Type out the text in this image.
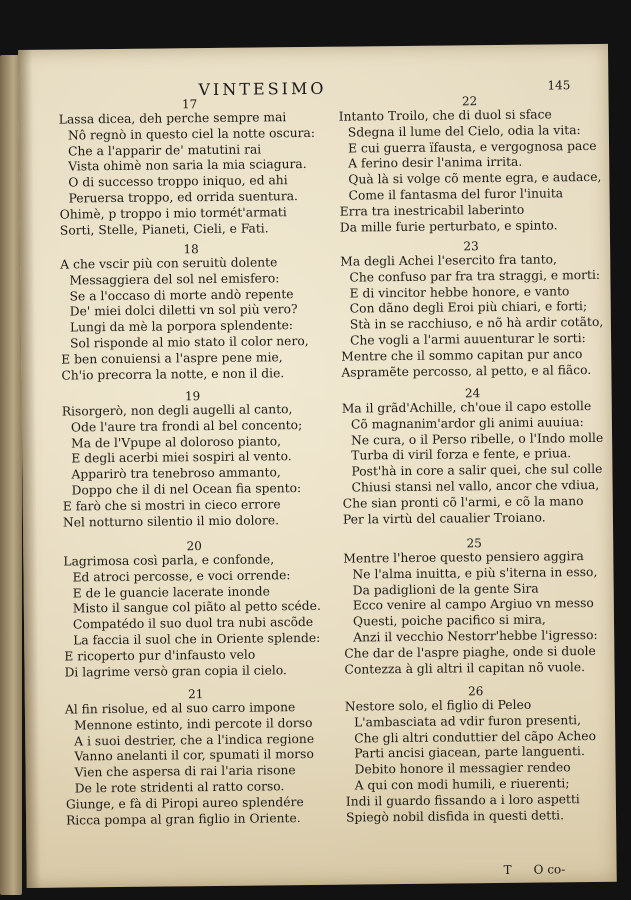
VINTESIMO	145
17
Lassa dicea, deh perche sempre mai
Nô regnò in questo ciel la notte oscura:
Che a l'apparir de' matutini rai
Vista ohimè non saria la mia sciagura.
O di successo troppo iniquo, ed ahi
Peruersa troppo, ed orrida suentura.
Ohimè, p troppo i mio tormét'armati
Sorti, Stelle, Pianeti, Cieli, e Fati.
18
A che vscir più con seruitù dolente
Messaggiera del sol nel emisfero:
Se a l'occaso di morte andò repente
De' miei dolci diletti vn sol più vero?
Lungi da mè la porpora splendente:
Sol risponde al mio stato il color nero,
E ben conuiensi a l'aspre pene mie,
Ch'io precorra la notte, e non il die.
19
Risorgerò, non degli augelli al canto,
Ode l'aure tra frondi al bel concento;
Ma de l'Vpupe al doloroso pianto,
E degli acerbi miei sospiri al vento.
Apparirò tra tenebroso ammanto,
Doppo che il di nel Ocean fia spento:
E farò che si mostri in cieco errore
Nel notturno silentio il mio dolore.
20
Lagrimosa così parla, e confonde,
Ed atroci percosse, e voci orrende:
E de le guancie lacerate inonde
Misto il sangue col piãto al petto scéde.
Compatédo il suo duol tra nubi ascõde
La faccia il suol che in Oriente splende:
E ricoperto pur d'infausto velo
Di lagrime versò gran copia il cielo.
21
Al fin risolue, ed al suo carro impone
Mennone estinto, indi percote il dorso
A i suoi destrier, che a l'indica regione
Vanno anelanti il cor, spumati il morso
Vien che aspersa di rai l'aria risone
De le rote stridenti al ratto corso.
Giunge, e fà di Piropi aureo splendére
Ricca pompa al gran figlio in Oriente.
22
Intanto Troilo, che di duol si sface
Sdegna il lume del Cielo, odia la vita:
E cui guerra ïfausta, e vergognosa pace
A ferino desir l'anima irrita.
Quà là si volge cõ mente egra, e audace,
Come il fantasma del furor l'inuita
Erra tra inestricabil laberinto
Da mille furie perturbato, e spinto.
23
Ma degli Achei l'esercito fra tanto,
Che confuso par fra tra straggi, e morti:
E di vincitor hebbe honore, e vanto
Con dãno degli Eroi più chiari, e forti;
Stà in se racchiuso, e nõ hà ardir cotãto,
Che vogli a l'armi auuenturar le sorti:
Mentre che il sommo capitan pur anco
Aspramẽte percosso, al petto, e al fiãco.
24
Ma il grãd'Achille, ch'oue il capo estolle
Cõ magnanim'ardor gli animi auuiua:
Ne cura, o il Perso ribelle, o l'Indo molle
Turba di viril forza e fente, e priua.
Post'hà in core a salir quei, che sul colle
Chiusi stansi nel vallo, ancor che vdiua,
Che sian pronti cõ l'armi, e cõ la mano
Per la virtù del caualier Troiano.
25
Mentre l'heroe questo pensiero aggira
Ne l'alma inuitta, e più s'iterna in esso,
Da padiglioni de la gente Sira
Ecco venire al campo Argiuo vn messo
Questi, poiche pacifico si mira,
Anzi il vecchio Nestorr'hebbe l'igresso:
Che dar de l'aspre piaghe, onde si duole
Contezza à gli altri il capitan nõ vuole.
26
Nestore solo, el figlio di Peleo
L'ambasciata ad vdir furon presenti,
Che gli altri conduttier del cãpo Acheo
Parti ancisi giacean, parte languenti.
Debito honore il messagier rendeo
A qui con modi humili, e riuerenti;
Indi il guardo fissando a i loro aspetti
Spiegò nobil disfida in questi detti.
T O co-
